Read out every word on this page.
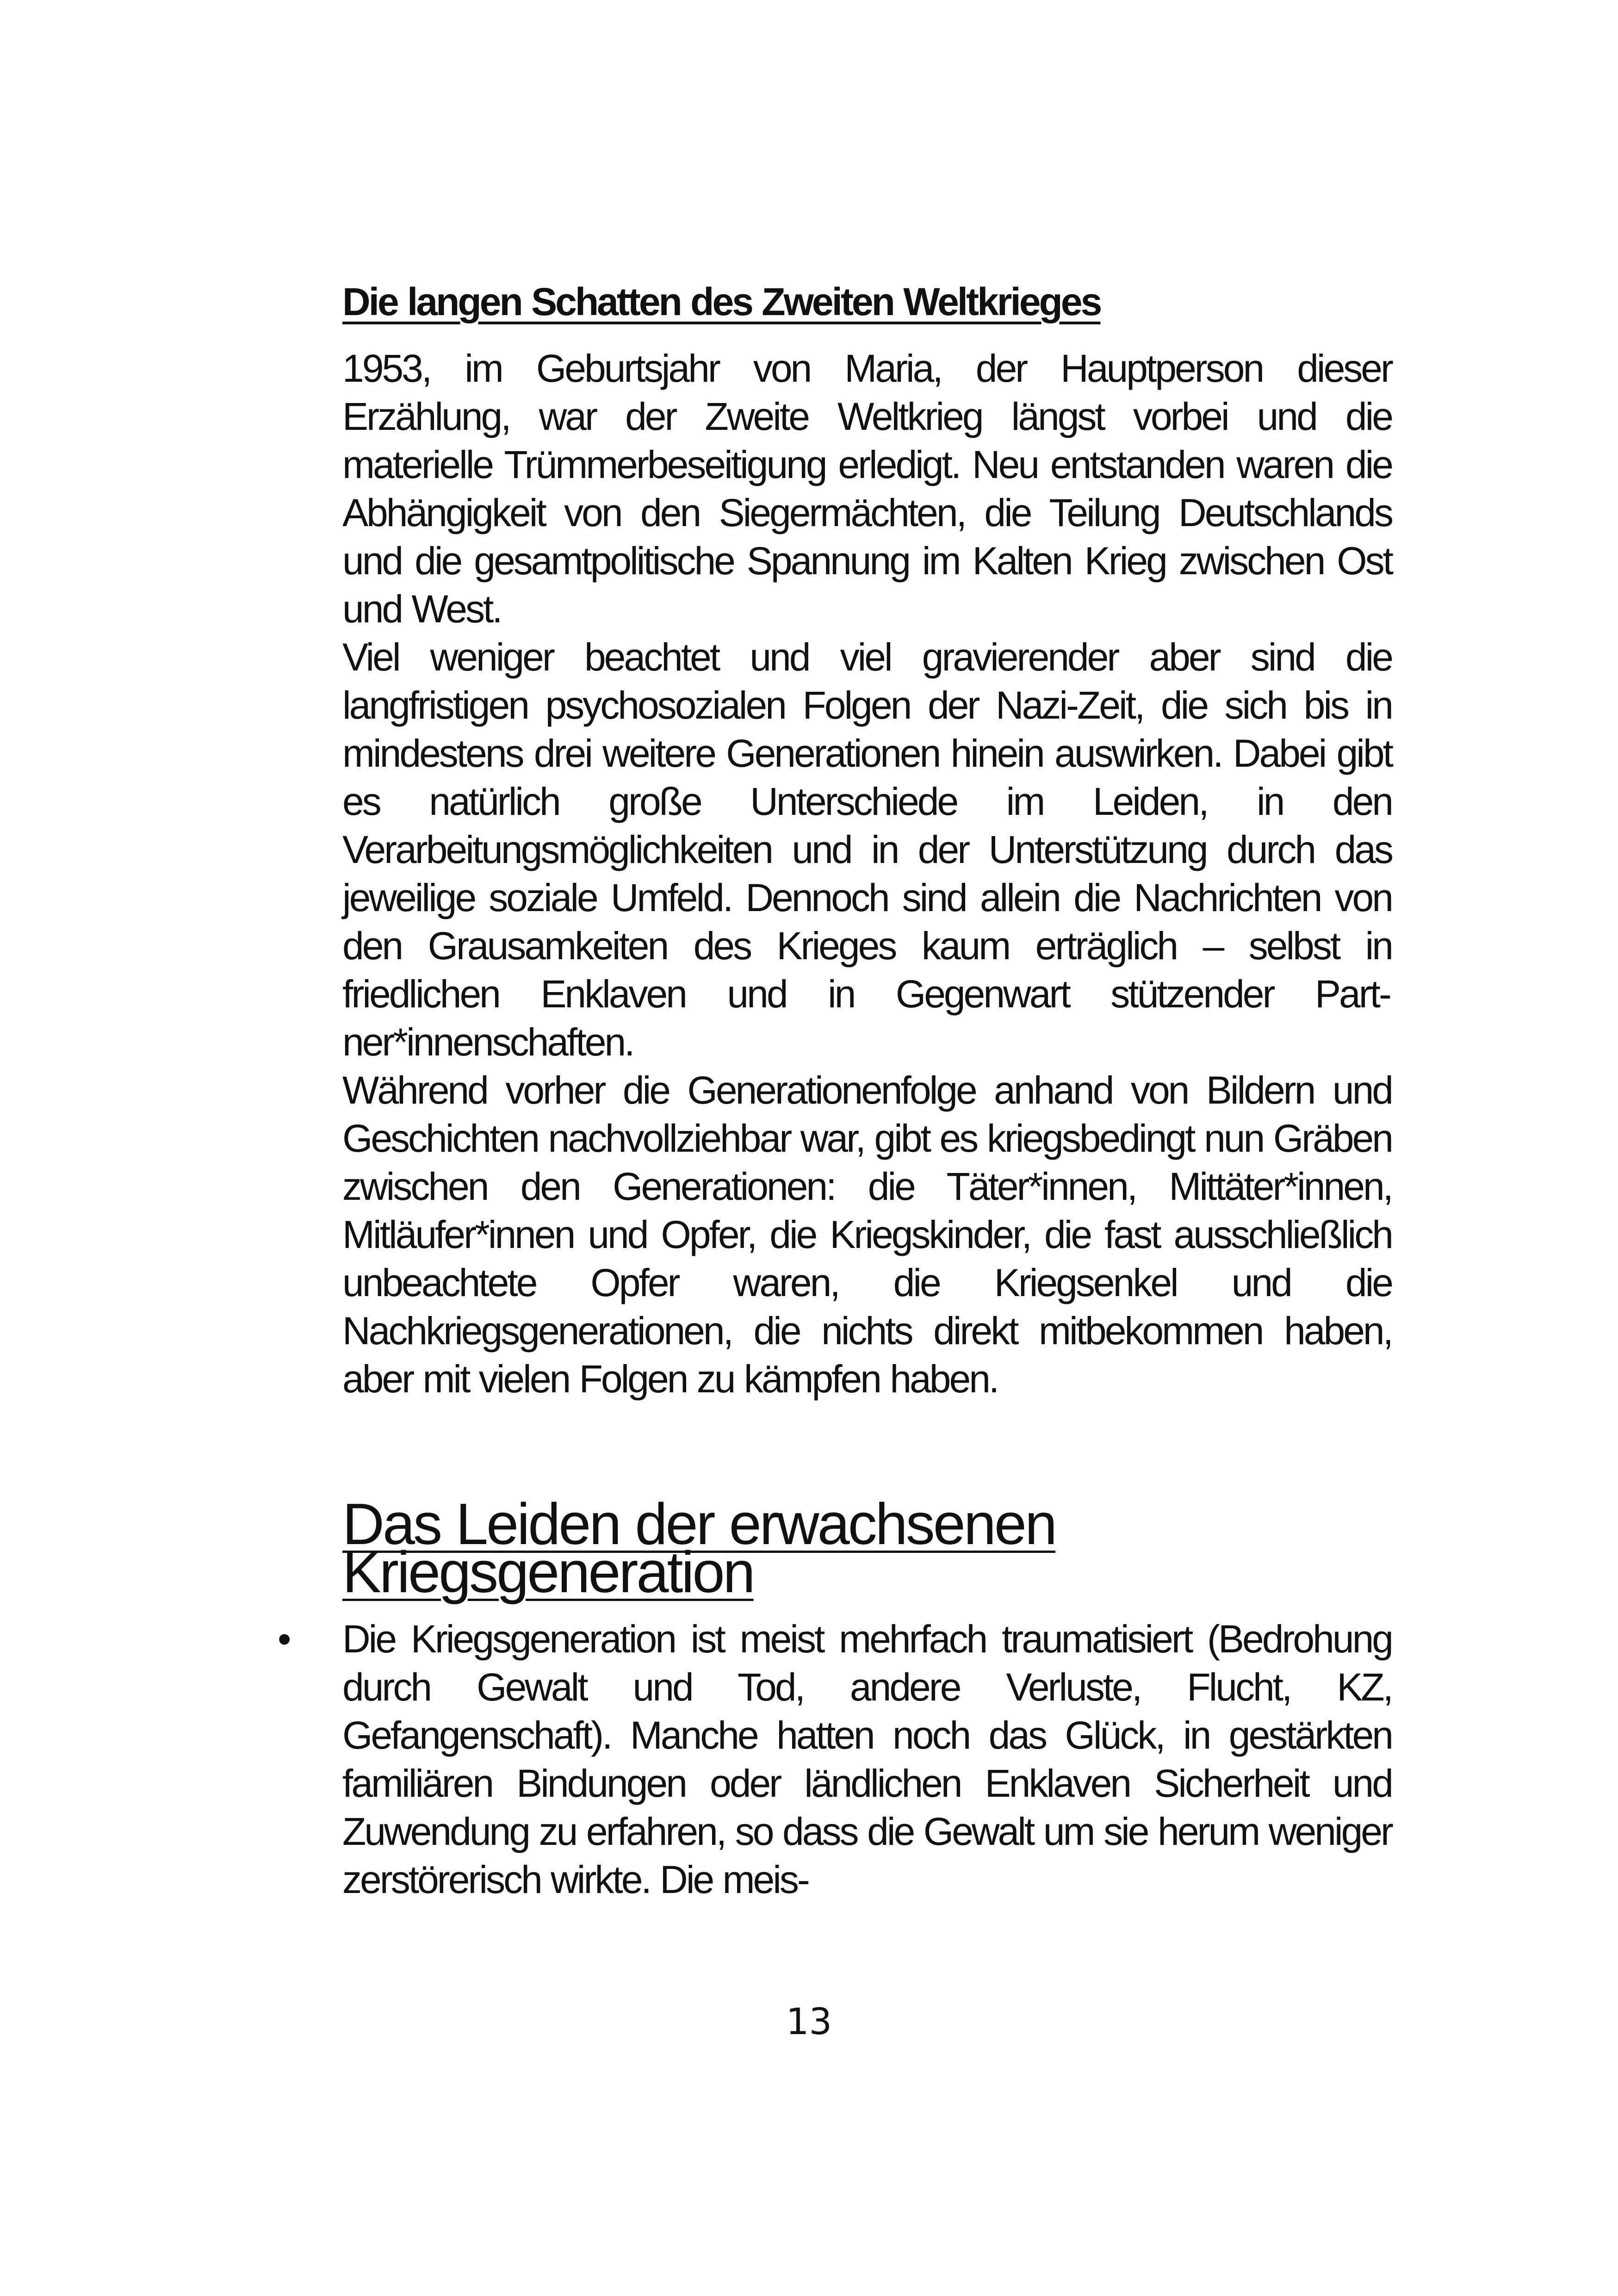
Die langen Schatten des Zweiten Weltkrieges

1953, im Geburtsjahr von Maria, der Hauptperson dieser Erzählung, war der Zweite Weltkrieg längst vorbei und die materielle Trümmerbeseitigung erledigt. Neu entstanden waren die Abhängigkeit von den Siegermächten, die Teilung Deutschlands und die gesamtpolitische Spannung im Kalten Krieg zwischen Ost und West.

Viel weniger beachtet und viel gravierender aber sind die langfristigen psychosozialen Folgen der Nazi-Zeit, die sich bis in mindestens drei weitere Generationen hinein auswirken. Dabei gibt es natürlich große Unterschiede im Leiden, in den Verarbeitungsmöglichkeiten und in der Unterstützung durch das jeweilige soziale Umfeld. Dennoch sind allein die Nachrichten von den Grausamkeiten des Krieges kaum erträglich – selbst in friedlichen Enklaven und in Gegenwart stützender Partner*innenschaften.

Während vorher die Generationenfolge anhand von Bildern und Geschichten nachvollziehbar war, gibt es kriegsbedingt nun Gräben zwischen den Generationen: die Täter*innen, Mittäter*innen, Mitläufer*innen und Opfer, die Kriegskinder, die fast ausschließlich unbeachtete Opfer waren, die Kriegsenkel und die Nachkriegsgenerationen, die nichts direkt mitbekommen haben, aber mit vielen Folgen zu kämpfen haben.

Das Leiden der erwachsenen Kriegsgeneration
•	Die Kriegsgeneration ist meist mehrfach traumatisiert (Bedrohung durch Gewalt und Tod, andere Verluste, Flucht, KZ, Gefangenschaft). Manche hatten noch das Glück, in gestärkten familiären Bindungen oder ländlichen Enklaven Sicherheit und Zuwendung zu erfahren, so dass die Gewalt um sie herum weniger zerstörerisch wirkte. Die meis-
13
